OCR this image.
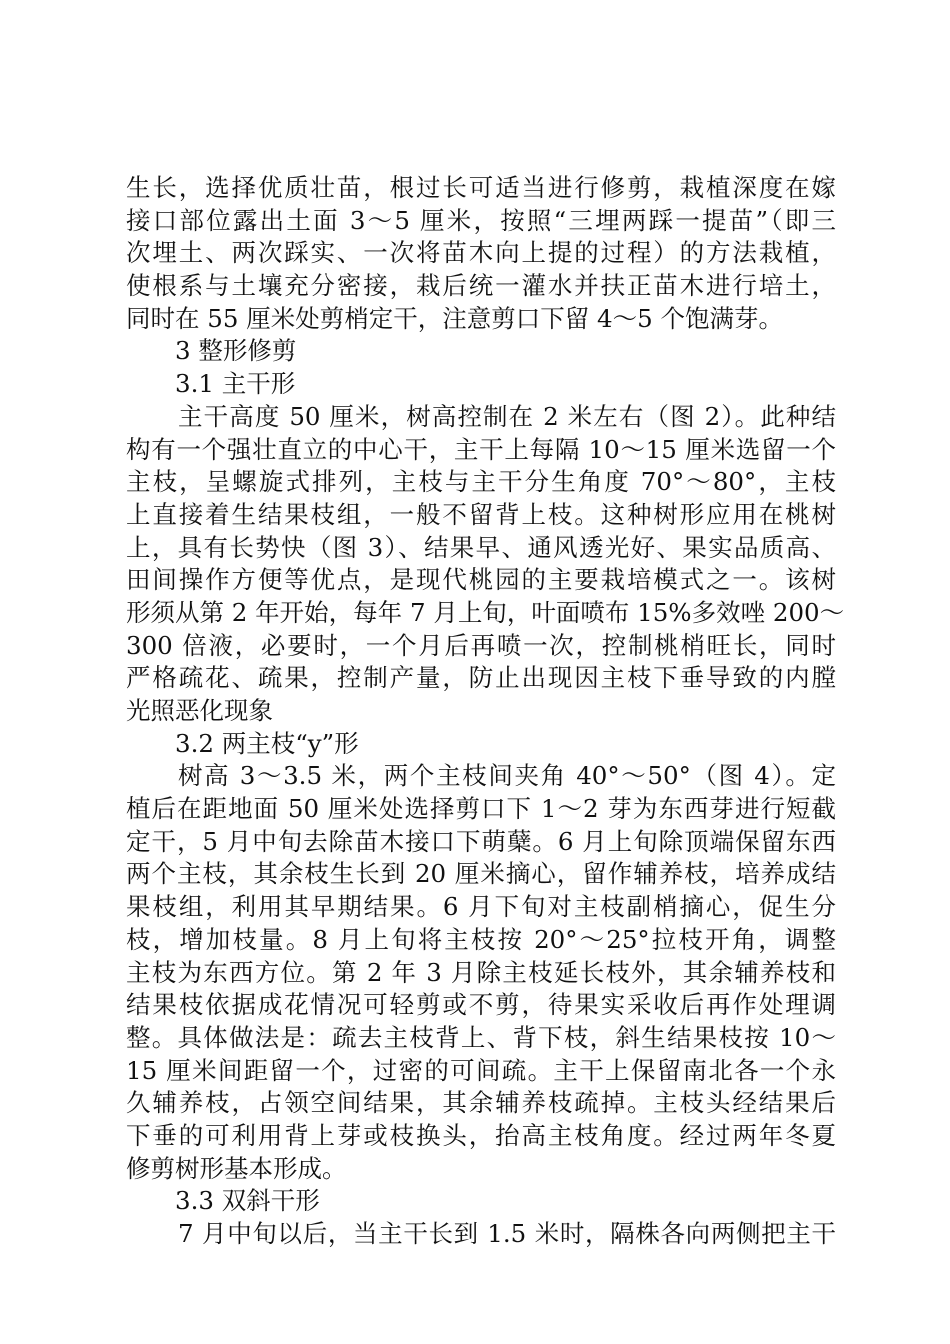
生长，选择优质壮苗，根过长可适当进行修剪，栽植深度在嫁
接口部位露出土面 3～5 厘米，按照“三埋两踩一提苗”（即三
次埋土、两次踩实、一次将苗木向上提的过程）的方法栽植，
使根系与土壤充分密接，栽后统一灌水并扶正苗木进行培土，
同时在 55 厘米处剪梢定干，注意剪口下留 4～5 个饱满芽。
3 整形修剪
3.1 主干形
主干高度 50 厘米，树高控制在 2 米左右（图 2）。此种结
构有一个强壮直立的中心干，主干上每隔 10～15 厘米选留一个
主枝，呈螺旋式排列，主枝与主干分生角度 70°～80°，主枝
上直接着生结果枝组，一般不留背上枝。这种树形应用在桃树
上，具有长势快（图 3）、结果早、通风透光好、果实品质高、
田间操作方便等优点，是现代桃园的主要栽培模式之一。该树
形须从第 2 年开始，每年 7 月上旬，叶面喷布 15%多效唑 200～
300 倍液，必要时，一个月后再喷一次，控制桃梢旺长，同时
严格疏花、疏果，控制产量，防止出现因主枝下垂导致的内膛
光照恶化现象
3.2 两主枝“y”形
树高 3～3.5 米，两个主枝间夹角 40°～50°（图 4）。定
植后在距地面 50 厘米处选择剪口下 1～2 芽为东西芽进行短截
定干，5 月中旬去除苗木接口下萌蘖。6 月上旬除顶端保留东西
两个主枝，其余枝生长到 20 厘米摘心，留作辅养枝，培养成结
果枝组，利用其早期结果。6 月下旬对主枝副梢摘心，促生分
枝，增加枝量。8 月上旬将主枝按 20°～25°拉枝开角，调整
主枝为东西方位。第 2 年 3 月除主枝延长枝外，其余辅养枝和
结果枝依据成花情况可轻剪或不剪，待果实采收后再作处理调
整。具体做法是：疏去主枝背上、背下枝，斜生结果枝按 10～
15 厘米间距留一个，过密的可间疏。主干上保留南北各一个永
久辅养枝，占领空间结果，其余辅养枝疏掉。主枝头经结果后
下垂的可利用背上芽或枝换头，抬高主枝角度。经过两年冬夏
修剪树形基本形成。
3.3 双斜干形
7 月中旬以后，当主干长到 1.5 米时，隔株各向两侧把主干
